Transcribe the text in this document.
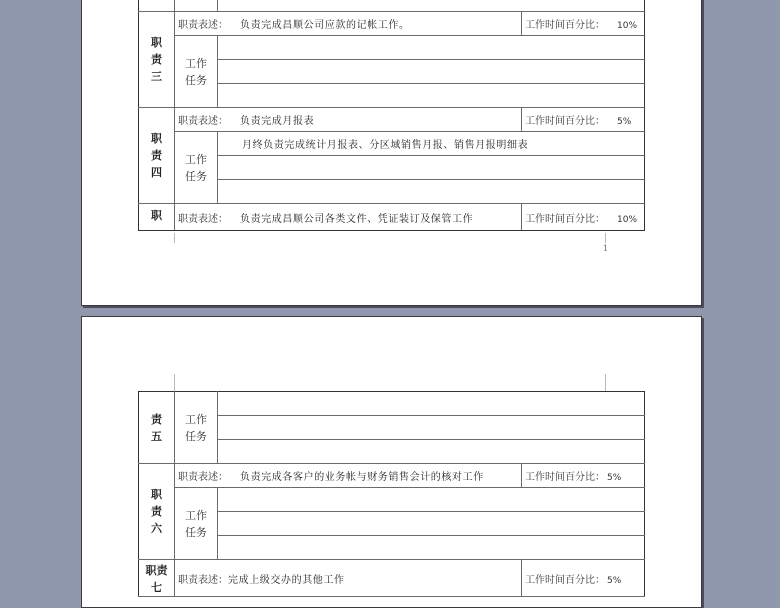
1

职
责
三	职责表述： 负责完成昌顺公司应款的记帐工作。		工作时间百分比： 10%
	工作
任务		

职
责
四	职责表述： 负责完成月报表		工作时间百分比： 5%
	工作
任务	月终负责完成统计月报表、分区域销售月报、销售月报明细表	

职	职责表述： 负责完成昌顺公司各类文件、凭证装订及保管工作		工作时间百分比： 10%
责
五	工作
任务		

职
责
六	职责表述： 负责完成各客户的业务帐与财务销售会计的核对工作		工作时间百分比： 5%
	工作
任务		

职责
七	职责表述：完成上级交办的其他工作		工作时间百分比： 5%
